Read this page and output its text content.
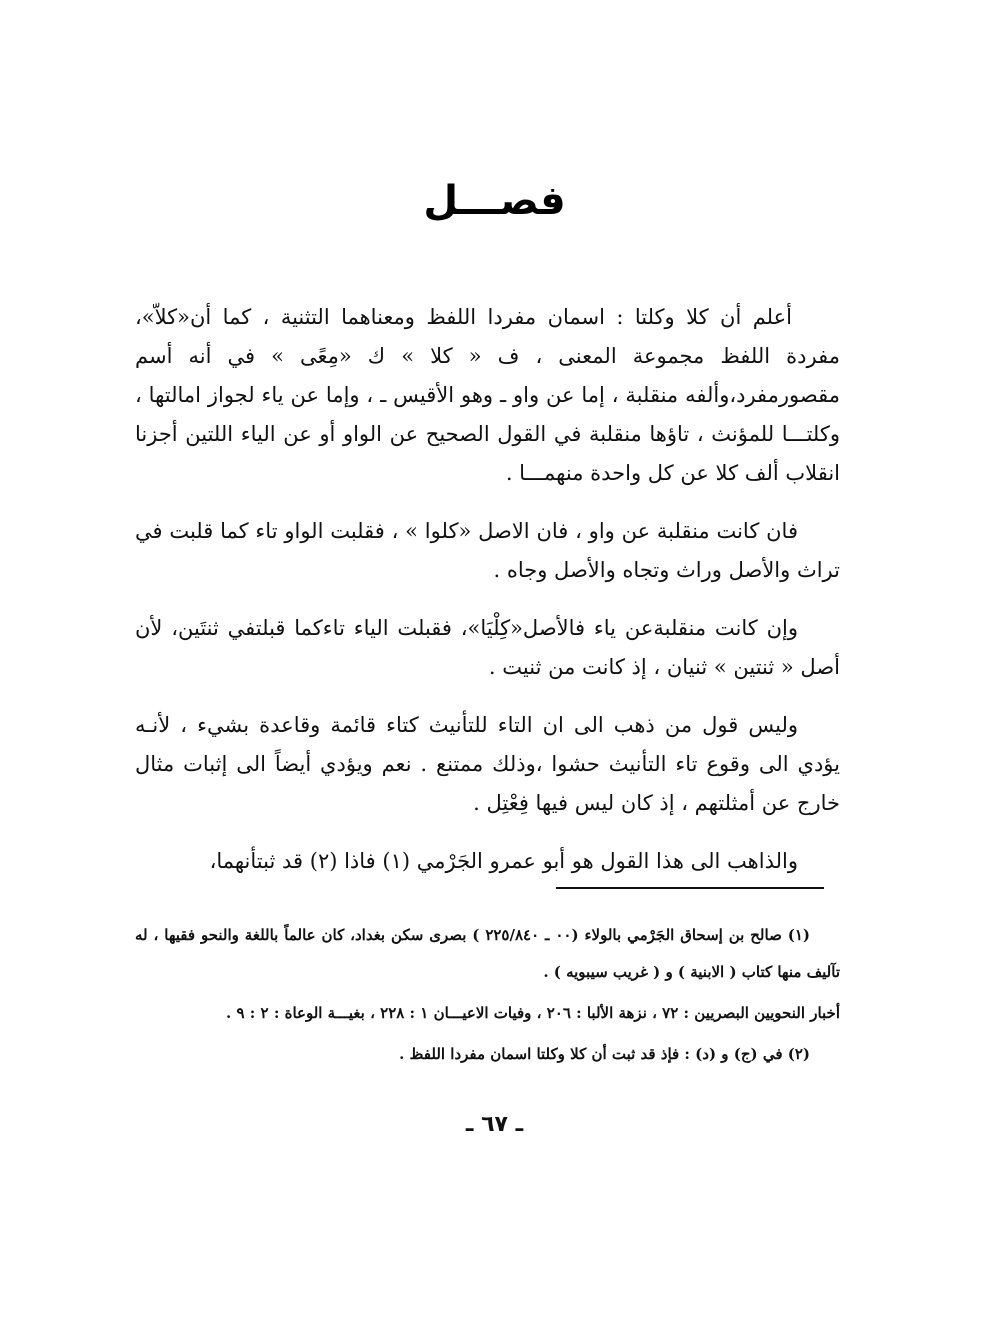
فصـــل

أعلم أن كلا وكلتا : اسمان مفردا اللفظ ومعناهما التثنية ، كما أن«كلاّ»، مفردة اللفظ مجموعة المعنى ، ف « كلا » ك «مِعًى » في أنه أسم مقصورمفرد،وألفه منقلبة ، إما عن واو ـ وهو الأقيس ـ ، وإما عن ياء لجواز امالتها ، وكلتـــا للمؤنث ، تاؤها منقلبة في القول الصحيح عن الواو أو عن الياء اللتين أجزنا انقلاب ألف كلا عن كل واحدة منهمـــا .

فان كانت منقلبة عن واو ، فان الاصل «كلوا » ، فقلبت الواو تاء كما قلبت في تراث والأصل وراث وتجاه والأصل وجاه .

وإن كانت منقلبةعن ياء فالأصل«كِلْيَا»، فقبلت الياء تاءكما قبلتفي ثنتَين، لأن أصل « ثنتين » ثنيان ، إذ كانت من ثنيت .

وليس قول من ذهب الى ان التاء للتأنيث كتاء قائمة وقاعدة بشيء ، لأنـه يؤدي الى وقوع تاء التأنيث حشوا ،وذلك ممتنع . نعم ويؤدي أيضاً الى إثبات مثال خارج عن أمثلتهم ، إذ كان ليس فيها فِعْتِل .

والذاهب الى هذا القول هو أبو عمرو الجَرْمي (١) فاذا (٢) قد ثبتأنهما،

(١) صالح بن إسحاق الجَرْمي بالولاء (٠٠ ـ ٢٢٥/٨٤٠ ) بصرى سكن بغداد، كان عالماً باللغة والنحو فقيها ، له تآليف منها كتاب ( الابنية ) و ( غريب سيبويه ) .

أخبار النحويين البصريين : ٧٢ ، نزهة الألبا : ٢٠٦ ، وفيات الاعيـــان ١ : ٢٢٨ ، بغيـــة الوعاة : ٢ : ٩ .

(٢) في (ج) و (د) : فإذ قد ثبت أن كلا وكلتا اسمان مفردا اللفظ .

ـ ٦٧ ـ
